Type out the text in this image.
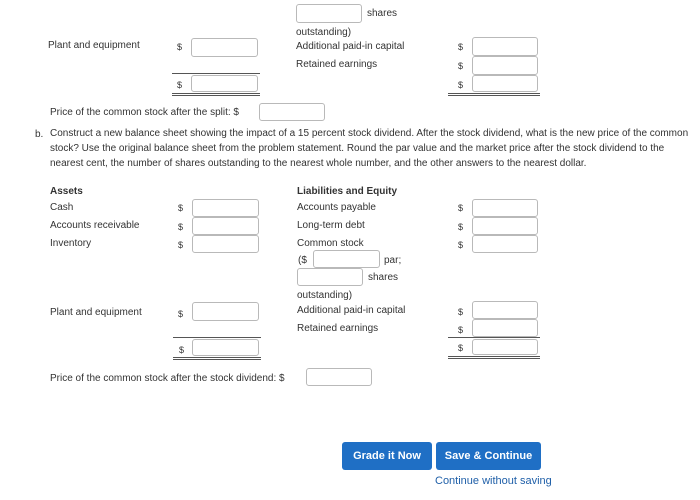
shares
outstanding)
Plant and equipment	$	Additional paid-in capital	$
Retained earnings	$
$	$
Price of the common stock after the split: $
b. Construct a new balance sheet showing the impact of a 15 percent stock dividend. After the stock dividend, what is the new price of the common stock? Use the original balance sheet from the problem statement. Round the par value and the market price after the stock dividend to the nearest cent, the number of shares outstanding to the nearest whole number, and the other answers to the nearest dollar.
Assets	Liabilities and Equity
Cash	$	Accounts payable	$
Accounts receivable	$	Long-term debt	$
Inventory	$	Common stock	$
($	par;
shares
outstanding)
Plant and equipment	$	Additional paid-in capital	$
Retained earnings	$
$	$
Price of the common stock after the stock dividend: $
Grade it Now	Save & Continue
Continue without saving
